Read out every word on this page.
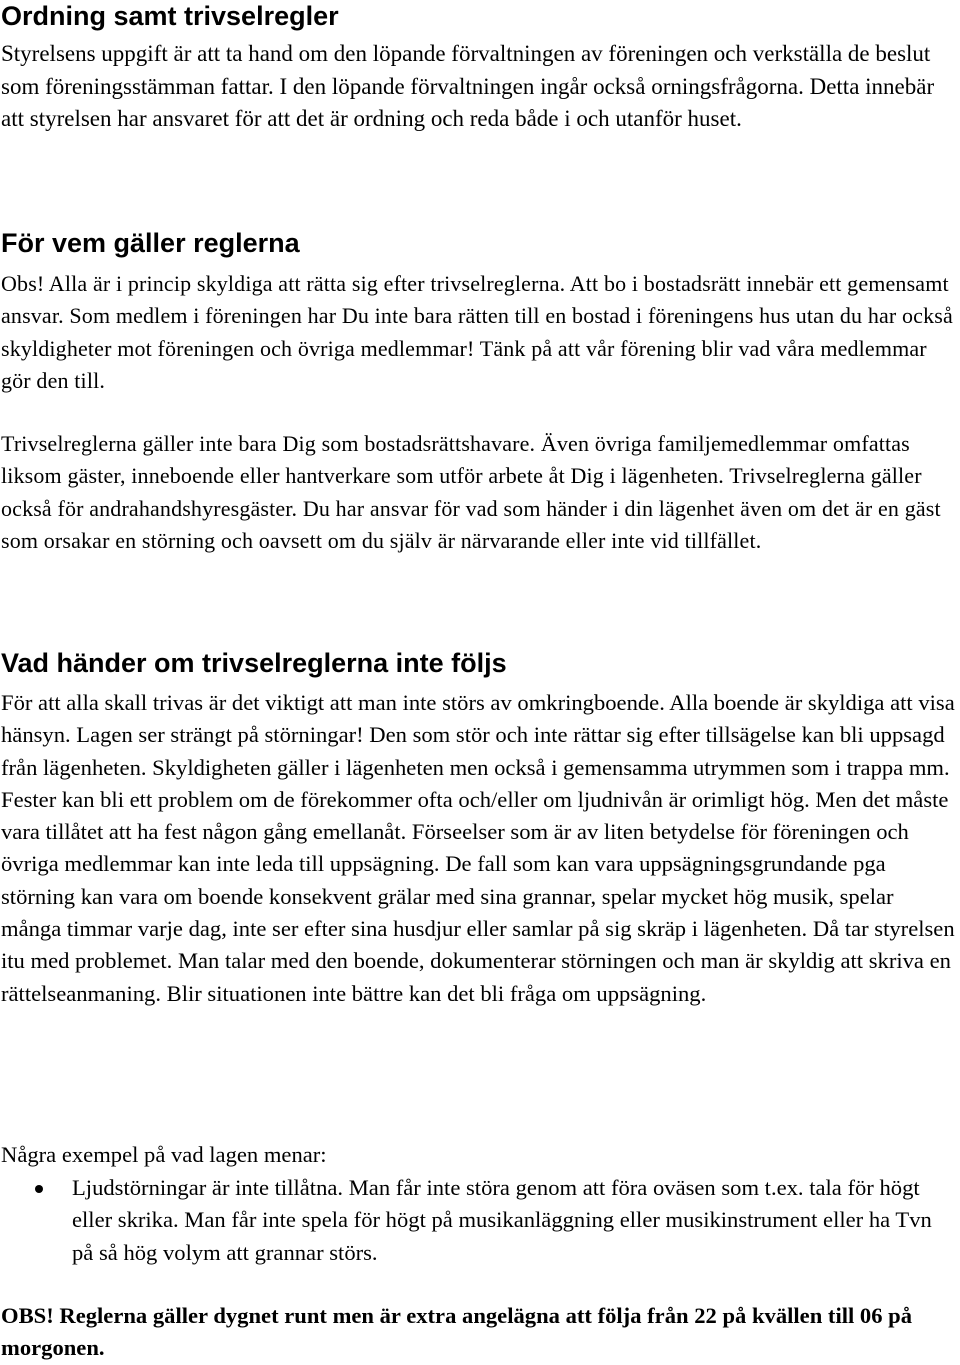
Ordning samt trivselregler

Styrelsens uppgift är att ta hand om den löpande förvaltningen av föreningen och verkställa de beslut som föreningsstämman fattar. I den löpande förvaltningen ingår också orningsfrågorna. Detta innebär att styrelsen har ansvaret för att det är ordning och reda både i och utanför huset.

För vem gäller reglerna

Obs! Alla är i princip skyldiga att rätta sig efter trivselreglerna. Att bo i bostadsrätt innebär ett gemensamt ansvar. Som medlem i föreningen har Du inte bara rätten till en bostad i föreningens hus utan du har också skyldigheter mot föreningen och övriga medlemmar! Tänk på att vår förening blir vad våra medlemmar gör den till.

Trivselreglerna gäller inte bara Dig som bostadsrättshavare. Även övriga familjemedlemmar omfattas liksom gäster, inneboende eller hantverkare som utför arbete åt Dig i lägenheten. Trivselreglerna gäller också för andrahandshyresgäster. Du har ansvar för vad som händer i din lägenhet även om det är en gäst som orsakar en störning och oavsett om du själv är närvarande eller inte vid tillfället.

Vad händer om trivselreglerna inte följs

För att alla skall trivas är det viktigt att man inte störs av omkringboende. Alla boende är skyldiga att visa hänsyn. Lagen ser strängt på störningar! Den som stör och inte rättar sig efter tillsägelse kan bli uppsagd från lägenheten. Skyldigheten gäller i lägenheten men också i gemensamma utrymmen som i trappa mm. Fester kan bli ett problem om de förekommer ofta och/eller om ljudnivån är orimligt hög. Men det måste vara tillåtet att ha fest någon gång emellanåt. Förseelser som är av liten betydelse för föreningen och övriga medlemmar kan inte leda till uppsägning. De fall som kan vara uppsägningsgrundande pga störning kan vara om boende konsekvent grälar med sina grannar, spelar mycket hög musik, spelar många timmar varje dag, inte ser efter sina husdjur eller samlar på sig skräp i lägenheten. Då tar styrelsen itu med problemet. Man talar med den boende, dokumenterar störningen och man är skyldig att skriva en rättelseanmaning. Blir situationen inte bättre kan det bli fråga om uppsägning.

Några exempel på vad lagen menar:

Ljudstörningar är inte tillåtna. Man får inte störa genom att föra oväsen som t.ex. tala för högt eller skrika. Man får inte spela för högt på musikanläggning eller musikinstrument eller ha Tvn på så hög volym att grannar störs.

OBS! Reglerna gäller dygnet runt men är extra angelägna att följa från 22 på kvällen till 06 på morgonen.
